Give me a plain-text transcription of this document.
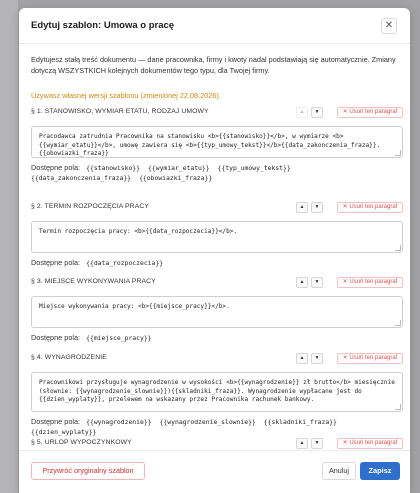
Edytuj szablon: Umowa o pracę	✕
Edytujesz stałą treść dokumentu — dane pracownika, firmy i kwoty nadal podstawiają się automatycznie. Zmiany dotyczą WSZYSTKICH kolejnych dokumentów tego typu, dla Twojej firmy.
Używasz własnej wersji szablonu (zmienionej 22.08.2026).
§ 1. STANOWISKO, WYMIAR ETATU, RODZAJ UMOWY	▲	▼	✕ Usuń ten paragraf
Pracodawca zatrudnia Pracownika na stanowisku <b>{{stanowisko}}</b>, w wymiarze <b>{{wymiar_etatu}}</b>, umowę zawiera się <b>{{typ_umowy_tekst}}</b>{{data_zakonczenia_fraza}}.{{obowiazki_fraza}}
Dostępne pola: {{stanowisko}} {{wymiar_etatu}} {{typ_umowy_tekst}} {{data_zakonczenia_fraza}} {{obowiazki_fraza}}
§ 2. TERMIN ROZPOCZĘCIA PRACY	▲	▼	✕ Usuń ten paragraf
Termin rozpoczęcia pracy: <b>{{data_rozpoczecia}}</b>.
Dostępne pola: {{data_rozpoczecia}}
§ 3. MIEJSCE WYKONYWANIA PRACY	▲	▼	✕ Usuń ten paragraf
Miejsce wykonywania pracy: <b>{{miejsce_pracy}}</b>.
Dostępne pola: {{miejsce_pracy}}
§ 4. WYNAGRODZENIE	▲	▼	✕ Usuń ten paragraf
Pracownikowi przysługuje wynagrodzenie w wysokości <b>{{wynagrodzenie}} zł brutto</b> miesięcznie (słownie: {{wynagrodzenie_slownie}}){{skladniki_fraza}}. Wynagrodzenie wypłacane jest do {{dzien_wyplaty}}, przelewem na wskazany przez Pracownika rachunek bankowy.
Dostępne pola: {{wynagrodzenie}} {{wynagrodzenie_slownie}} {{skladniki_fraza}} {{dzien_wyplaty}}
§ 5. URLOP WYPOCZYNKOWY	▲	▼	✕ Usuń ten paragraf
Przywróć oryginalny szablon	Anuluj	Zapisz
